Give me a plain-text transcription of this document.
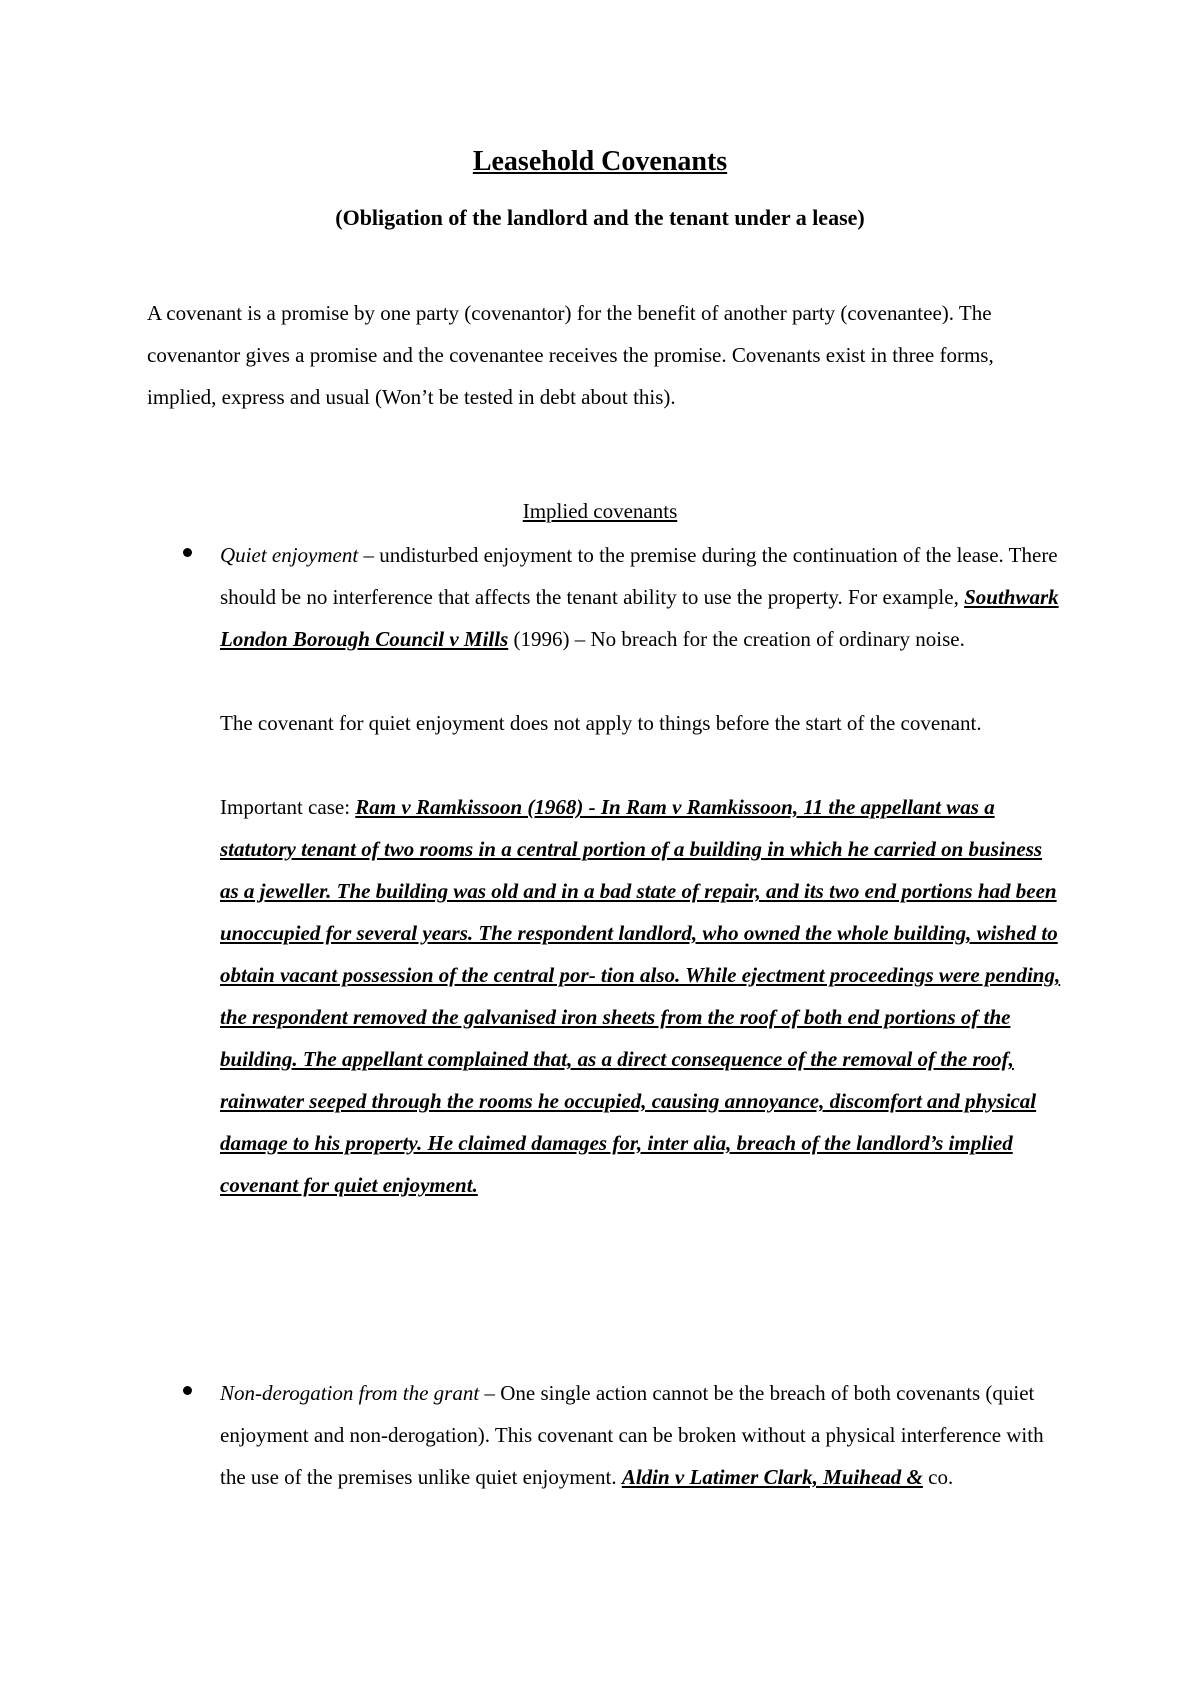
Leasehold Covenants
(Obligation of the landlord and the tenant under a lease)

A covenant is a promise by one party (covenantor) for the benefit of another party (covenantee). The covenantor gives a promise and the covenantee receives the promise. Covenants exist in three forms, implied, express and usual (Won’t be tested in debt about this).

Implied covenants

Quiet enjoyment – undisturbed enjoyment to the premise during the continuation of the lease. There should be no interference that affects the tenant ability to use the property. For example, Southwark London Borough Council v Mills (1996) – No breach for the creation of ordinary noise.

The covenant for quiet enjoyment does not apply to things before the start of the covenant.

Important case: Ram v Ramkissoon (1968) - In Ram v Ramkissoon, 11 the appellant was a statutory tenant of two rooms in a central portion of a building in which he carried on business as a jeweller. The building was old and in a bad state of repair, and its two end portions had been unoccupied for several years. The respondent landlord, who owned the whole building, wished to obtain vacant possession of the central por- tion also. While ejectment proceedings were pending, the respondent removed the galvanised iron sheets from the roof of both end portions of the building. The appellant complained that, as a direct consequence of the removal of the roof, rainwater seeped through the rooms he occupied, causing annoyance, discomfort and physical damage to his property. He claimed damages for, inter alia, breach of the landlord’s implied covenant for quiet enjoyment.

Non-derogation from the grant – One single action cannot be the breach of both covenants (quiet enjoyment and non-derogation). This covenant can be broken without a physical interference with the use of the premises unlike quiet enjoyment. Aldin v Latimer Clark, Muihead & co.
